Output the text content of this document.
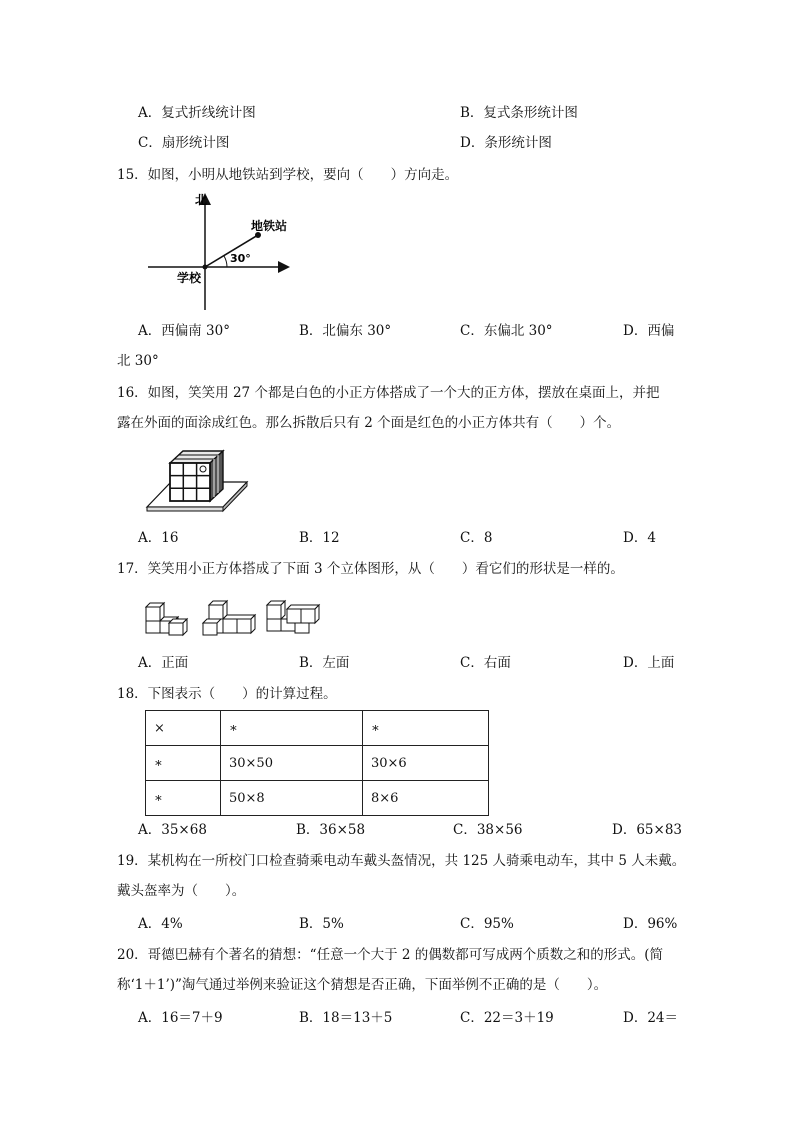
A．复式折线统计图	B．复式条形统计图
C．扇形统计图	D．条形统计图
15．如图，小明从地铁站到学校，要向（　　）方向走。
北
地铁站
学校
30°
A．西偏南 30°	B．北偏东 30°	C．东偏北 30°	D．西偏
北 30°
16．如图，笑笑用 27 个都是白色的小正方体搭成了一个大的正方体，摆放在桌面上，并把
露在外面的面涂成红色。那么拆散后只有 2 个面是红色的小正方体共有（　　）个。
A．16	B．12	C．8	D．4
17．笑笑用小正方体搭成了下面 3 个立体图形，从（　　）看它们的形状是一样的。
A．正面	B．左面	C．右面	D．上面
18．下图表示（　　）的计算过程。
×	∗	∗
∗	30×50	30×6
∗	50×8	8×6
A．35×68	B．36×58	C．38×56	D．65×83
19．某机构在一所校门口检查骑乘电动车戴头盔情况，共 125 人骑乘电动车，其中 5 人未戴。
戴头盔率为（　　）。
A．4%	B．5%	C．95%	D．96%
20．哥德巴赫有个著名的猜想：“任意一个大于 2 的偶数都可写成两个质数之和的形式。(简
称‘1＋1’)”淘气通过举例来验证这个猜想是否正确，下面举例不正确的是（　　）。
A．16＝7＋9	B．18＝13＋5	C．22＝3＋19	D．24＝
